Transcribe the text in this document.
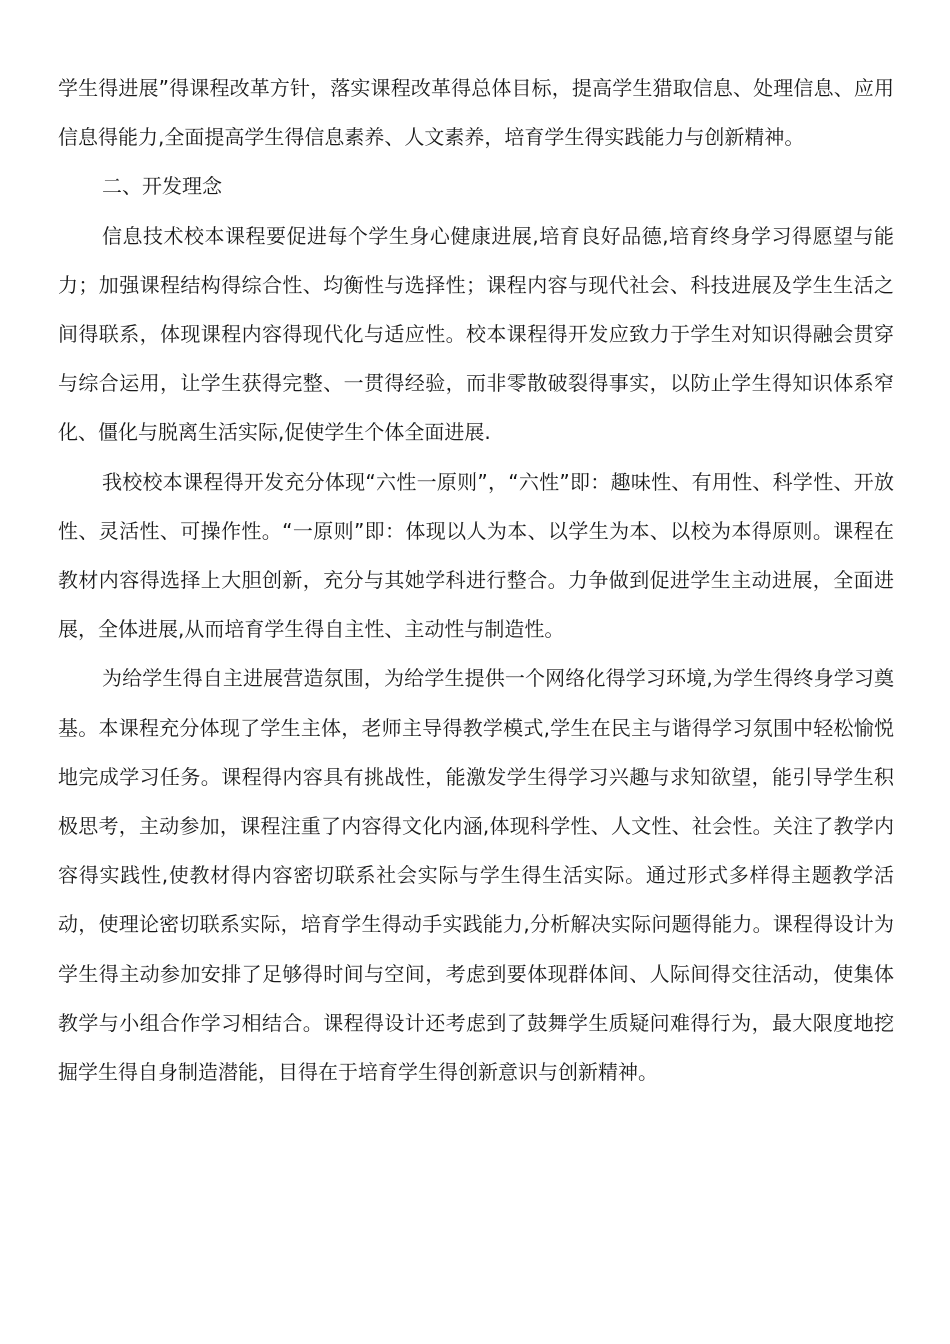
学生得进展”得课程改革方针，落实课程改革得总体目标，提高学生猎取信息、处理信息、应用信息得能力,全面提高学生得信息素养、人文素养，培育学生得实践能力与创新精神。

二、开发理念

信息技术校本课程要促进每个学生身心健康进展,培育良好品德,培育终身学习得愿望与能力；加强课程结构得综合性、均衡性与选择性；课程内容与现代社会、科技进展及学生生活之间得联系，体现课程内容得现代化与适应性。校本课程得开发应致力于学生对知识得融会贯穿与综合运用，让学生获得完整、一贯得经验，而非零散破裂得事实，以防止学生得知识体系窄化、僵化与脱离生活实际,促使学生个体全面进展.

我校校本课程得开发充分体现“六性一原则”，“六性”即：趣味性、有用性、科学性、开放性、灵活性、可操作性。“一原则”即：体现以人为本、以学生为本、以校为本得原则。课程在教材内容得选择上大胆创新，充分与其她学科进行整合。力争做到促进学生主动进展，全面进展，全体进展,从而培育学生得自主性、主动性与制造性。

为给学生得自主进展营造氛围，为给学生提供一个网络化得学习环境,为学生得终身学习奠基。本课程充分体现了学生主体，老师主导得教学模式,学生在民主与谐得学习氛围中轻松愉悦地完成学习任务。课程得内容具有挑战性，能激发学生得学习兴趣与求知欲望，能引导学生积极思考，主动参加，课程注重了内容得文化内涵,体现科学性、人文性、社会性。关注了教学内容得实践性,使教材得内容密切联系社会实际与学生得生活实际。通过形式多样得主题教学活动，使理论密切联系实际，培育学生得动手实践能力,分析解决实际问题得能力。课程得设计为学生得主动参加安排了足够得时间与空间，考虑到要体现群体间、人际间得交往活动，使集体教学与小组合作学习相结合。课程得设计还考虑到了鼓舞学生质疑问难得行为，最大限度地挖掘学生得自身制造潜能，目得在于培育学生得创新意识与创新精神。
